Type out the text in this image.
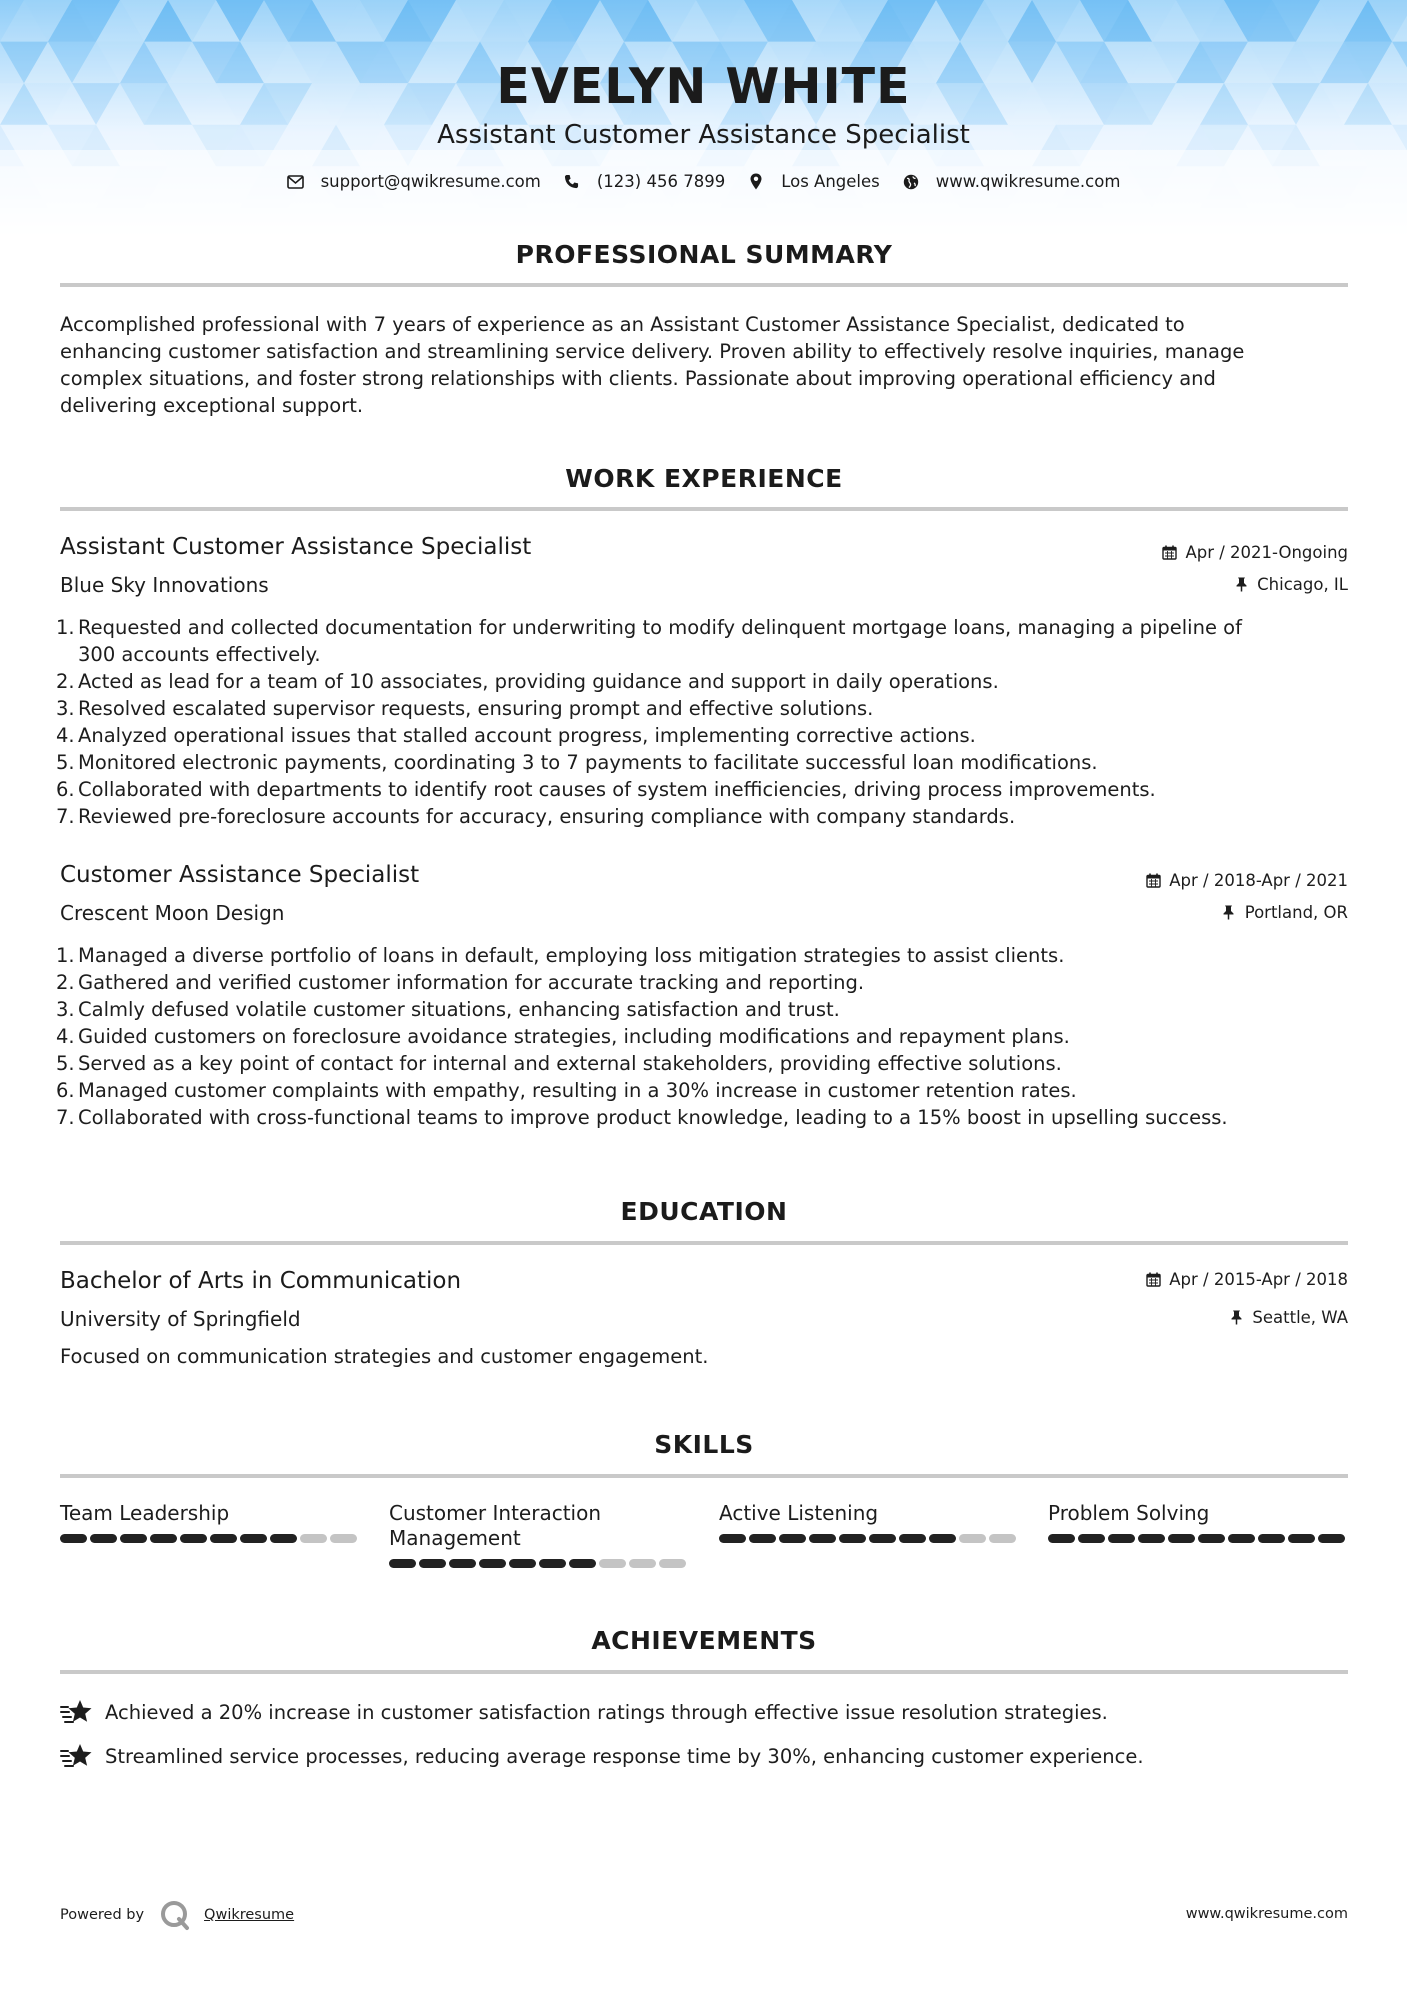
EVELYN WHITE
Assistant Customer Assistance Specialist
support@qwikresume.com	(123) 456 7899	Los Angeles	www.qwikresume.com
PROFESSIONAL SUMMARY
Accomplished professional with 7 years of experience as an Assistant Customer Assistance Specialist, dedicated to
enhancing customer satisfaction and streamlining service delivery. Proven ability to effectively resolve inquiries, manage
complex situations, and foster strong relationships with clients. Passionate about improving operational efficiency and
delivering exceptional support.
WORK EXPERIENCE
Assistant Customer Assistance Specialist	Apr / 2021-Ongoing
Blue Sky Innovations	Chicago, IL
1. Requested and collected documentation for underwriting to modify delinquent mortgage loans, managing a pipeline of
300 accounts effectively.
2. Acted as lead for a team of 10 associates, providing guidance and support in daily operations.
3. Resolved escalated supervisor requests, ensuring prompt and effective solutions.
4. Analyzed operational issues that stalled account progress, implementing corrective actions.
5. Monitored electronic payments, coordinating 3 to 7 payments to facilitate successful loan modifications.
6. Collaborated with departments to identify root causes of system inefficiencies, driving process improvements.
7. Reviewed pre-foreclosure accounts for accuracy, ensuring compliance with company standards.
Customer Assistance Specialist	Apr / 2018-Apr / 2021
Crescent Moon Design	Portland, OR
1. Managed a diverse portfolio of loans in default, employing loss mitigation strategies to assist clients.
2. Gathered and verified customer information for accurate tracking and reporting.
3. Calmly defused volatile customer situations, enhancing satisfaction and trust.
4. Guided customers on foreclosure avoidance strategies, including modifications and repayment plans.
5. Served as a key point of contact for internal and external stakeholders, providing effective solutions.
6. Managed customer complaints with empathy, resulting in a 30% increase in customer retention rates.
7. Collaborated with cross-functional teams to improve product knowledge, leading to a 15% boost in upselling success.
EDUCATION
Bachelor of Arts in Communication	Apr / 2015-Apr / 2018
University of Springfield	Seattle, WA
Focused on communication strategies and customer engagement.
SKILLS
Team Leadership	Customer Interaction
Management
Active Listening	Problem Solving
ACHIEVEMENTS
Achieved a 20% increase in customer satisfaction ratings through effective issue resolution strategies.
Streamlined service processes, reducing average response time by 30%, enhancing customer experience.
Powered by	Qwikresume	www.qwikresume.com
